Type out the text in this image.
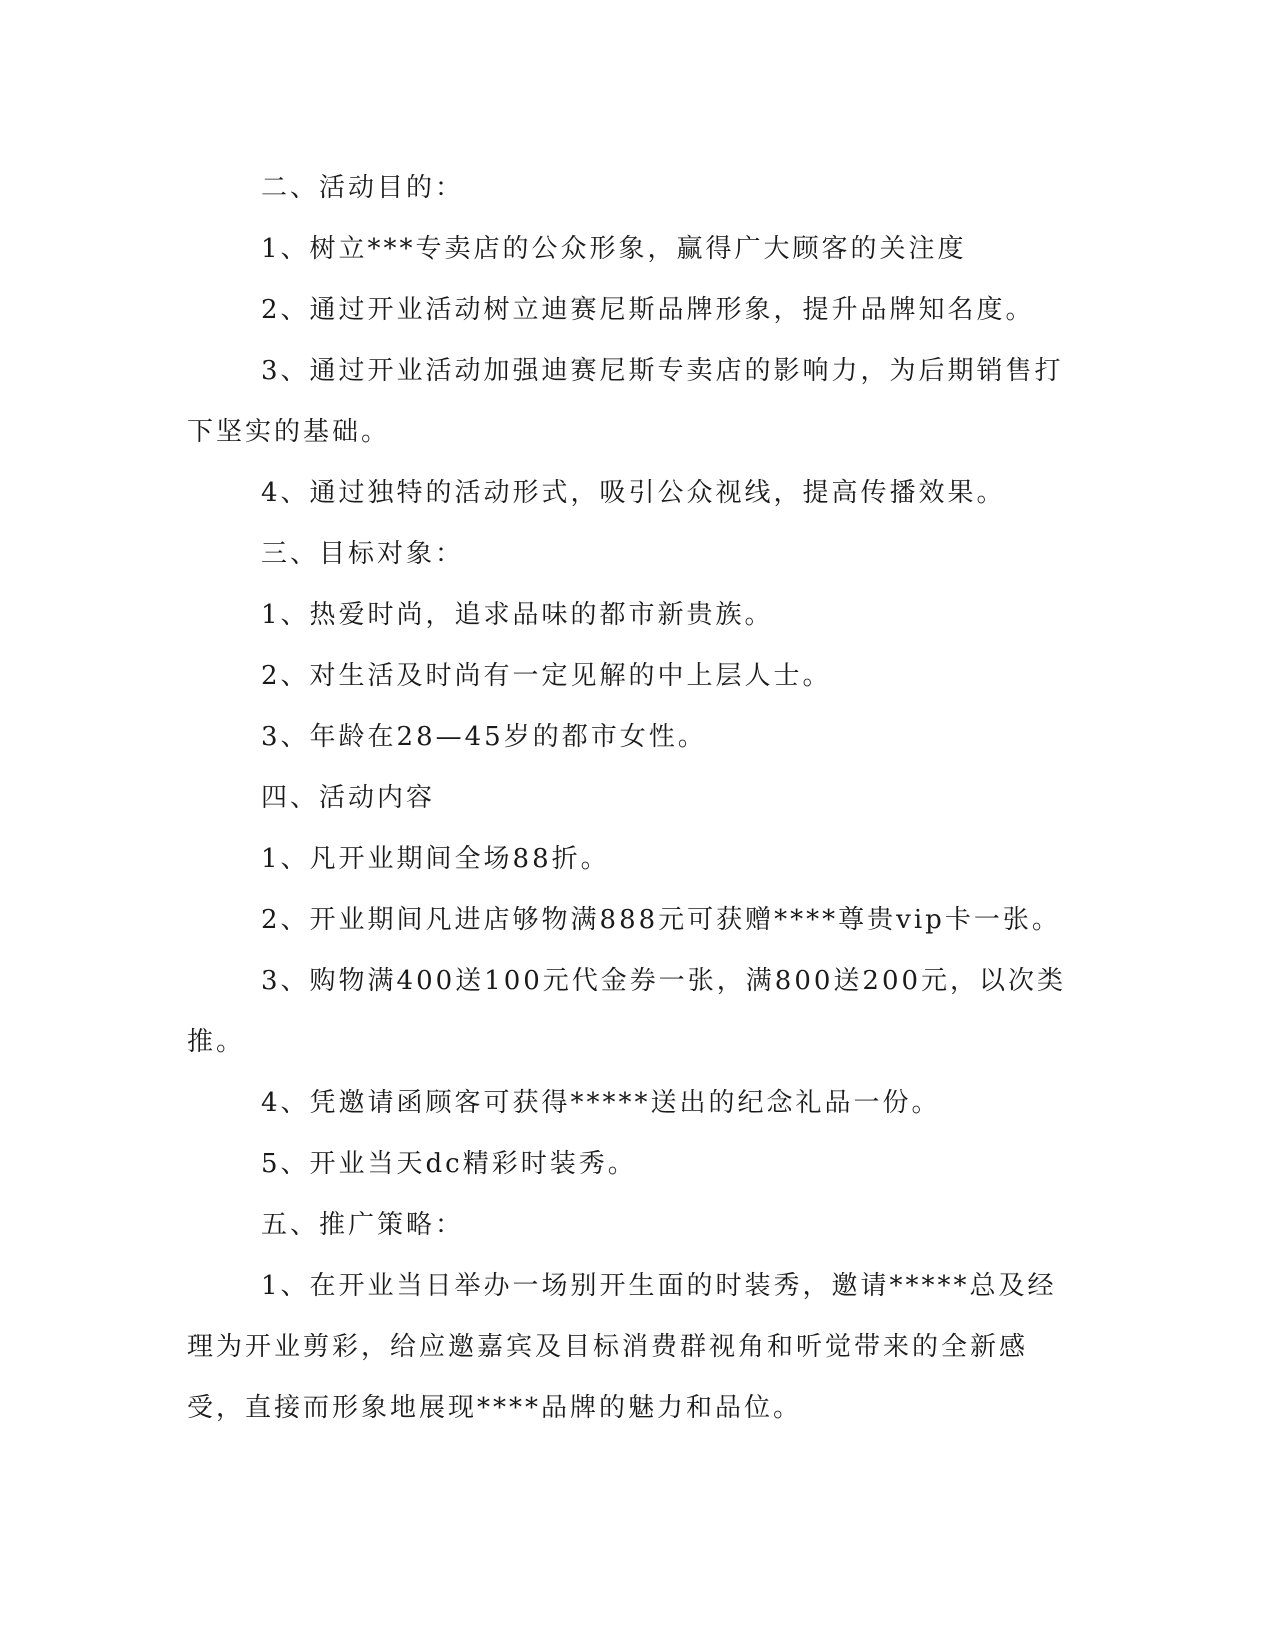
二、活动目的：

1、树立***专卖店的公众形象，赢得广大顾客的关注度

2、通过开业活动树立迪赛尼斯品牌形象，提升品牌知名度。

3、通过开业活动加强迪赛尼斯专卖店的影响力，为后期销售打下坚实的基础。

4、通过独特的活动形式，吸引公众视线，提高传播效果。

三、目标对象：

1、热爱时尚，追求品味的都市新贵族。

2、对生活及时尚有一定见解的中上层人士。

3、年龄在28—45岁的都市女性。

四、活动内容

1、凡开业期间全场88折。

2、开业期间凡进店够物满888元可获赠****尊贵vip卡一张。

3、购物满400送100元代金券一张，满800送200元，以次类推。

4、凭邀请函顾客可获得*****送出的纪念礼品一份。

5、开业当天dc精彩时装秀。

五、推广策略：

1、在开业当日举办一场别开生面的时装秀，邀请*****总及经理为开业剪彩，给应邀嘉宾及目标消费群视角和听觉带来的全新感受，直接而形象地展现****品牌的魅力和品位。
